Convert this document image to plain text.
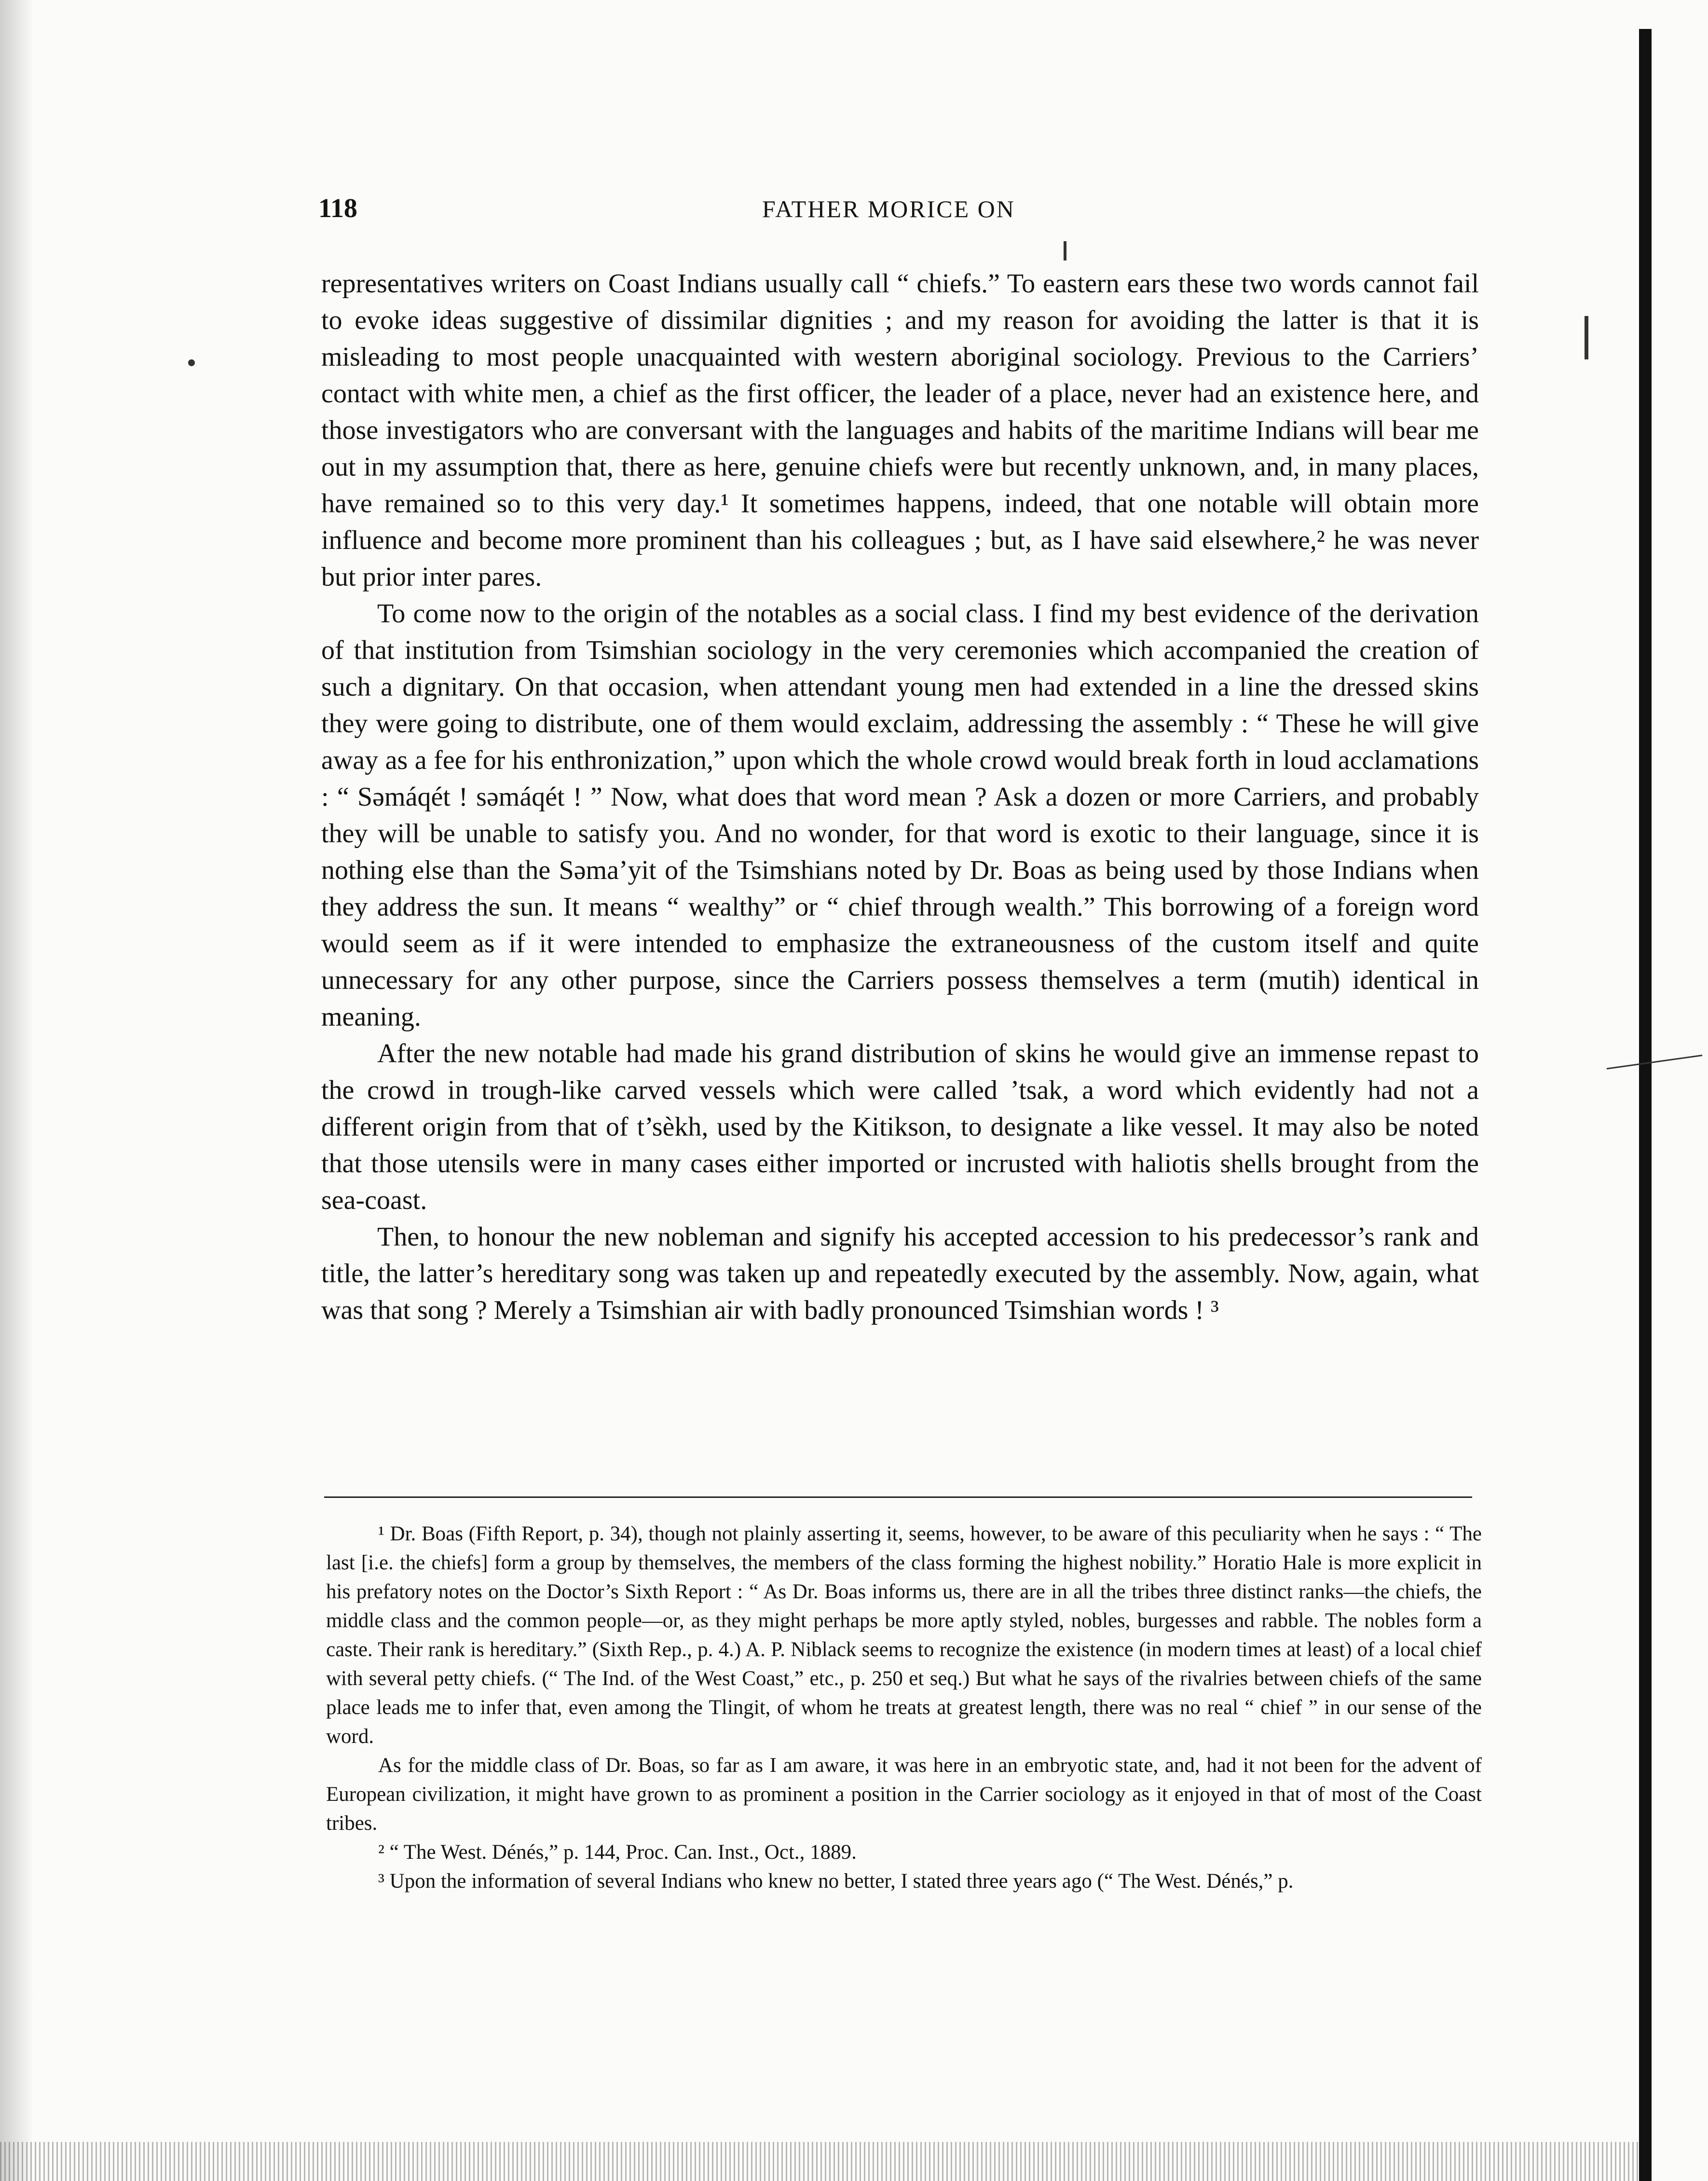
118	FATHER MORICE ON

representatives writers on Coast Indians usually call “ chiefs.” To eastern ears these two words cannot fail to evoke ideas suggestive of dissimilar dignities ; and my reason for avoiding the latter is that it is misleading to most people unacquainted with western aboriginal sociology. Previous to the Carriers’ contact with white men, a chief as the first officer, the leader of a place, never had an existence here, and those investigators who are conversant with the languages and habits of the maritime Indians will bear me out in my assumption that, there as here, genuine chiefs were but recently unknown, and, in many places, have remained so to this very day.¹ It sometimes happens, indeed, that one notable will obtain more influence and become more prominent than his colleagues ; but, as I have said elsewhere,² he was never but prior inter pares.

To come now to the origin of the notables as a social class. I find my best evidence of the derivation of that institution from Tsimshian sociology in the very ceremonies which accompanied the creation of such a dignitary. On that occasion, when attendant young men had extended in a line the dressed skins they were going to distribute, one of them would exclaim, addressing the assembly : “ These he will give away as a fee for his enthronization,” upon which the whole crowd would break forth in loud acclamations : “ Səmáqét ! səmáqét ! ” Now, what does that word mean ? Ask a dozen or more Carriers, and probably they will be unable to satisfy you. And no wonder, for that word is exotic to their language, since it is nothing else than the Səma’yit of the Tsimshians noted by Dr. Boas as being used by those Indians when they address the sun. It means “ wealthy” or “ chief through wealth.” This borrowing of a foreign word would seem as if it were intended to emphasize the extraneousness of the custom itself and quite unnecessary for any other purpose, since the Carriers possess themselves a term (mutih) identical in meaning.

After the new notable had made his grand distribution of skins he would give an immense repast to the crowd in trough-like carved vessels which were called ’tsak, a word which evidently had not a different origin from that of t’sèkh, used by the Kitikson, to designate a like vessel. It may also be noted that those utensils were in many cases either imported or incrusted with haliotis shells brought from the sea-coast.

Then, to honour the new nobleman and signify his accepted accession to his predecessor’s rank and title, the latter’s hereditary song was taken up and repeatedly executed by the assembly. Now, again, what was that song ? Merely a Tsimshian air with badly pronounced Tsimshian words ! ³

¹ Dr. Boas (Fifth Report, p. 34), though not plainly asserting it, seems, however, to be aware of this peculiarity when he says : “ The last [i.e. the chiefs] form a group by themselves, the members of the class forming the highest nobility.” Horatio Hale is more explicit in his prefatory notes on the Doctor’s Sixth Report : “ As Dr. Boas informs us, there are in all the tribes three distinct ranks—the chiefs, the middle class and the common people—or, as they might perhaps be more aptly styled, nobles, burgesses and rabble. The nobles form a caste. Their rank is hereditary.” (Sixth Rep., p. 4.) A. P. Niblack seems to recognize the existence (in modern times at least) of a local chief with several petty chiefs. (“ The Ind. of the West Coast,” etc., p. 250 et seq.) But what he says of the rivalries between chiefs of the same place leads me to infer that, even among the Tlingit, of whom he treats at greatest length, there was no real “ chief ” in our sense of the word.

As for the middle class of Dr. Boas, so far as I am aware, it was here in an embryotic state, and, had it not been for the advent of European civilization, it might have grown to as prominent a position in the Carrier sociology as it enjoyed in that of most of the Coast tribes.

² “ The West. Dénés,” p. 144, Proc. Can. Inst., Oct., 1889.

³ Upon the information of several Indians who knew no better, I stated three years ago (“ The West. Dénés,” p.
